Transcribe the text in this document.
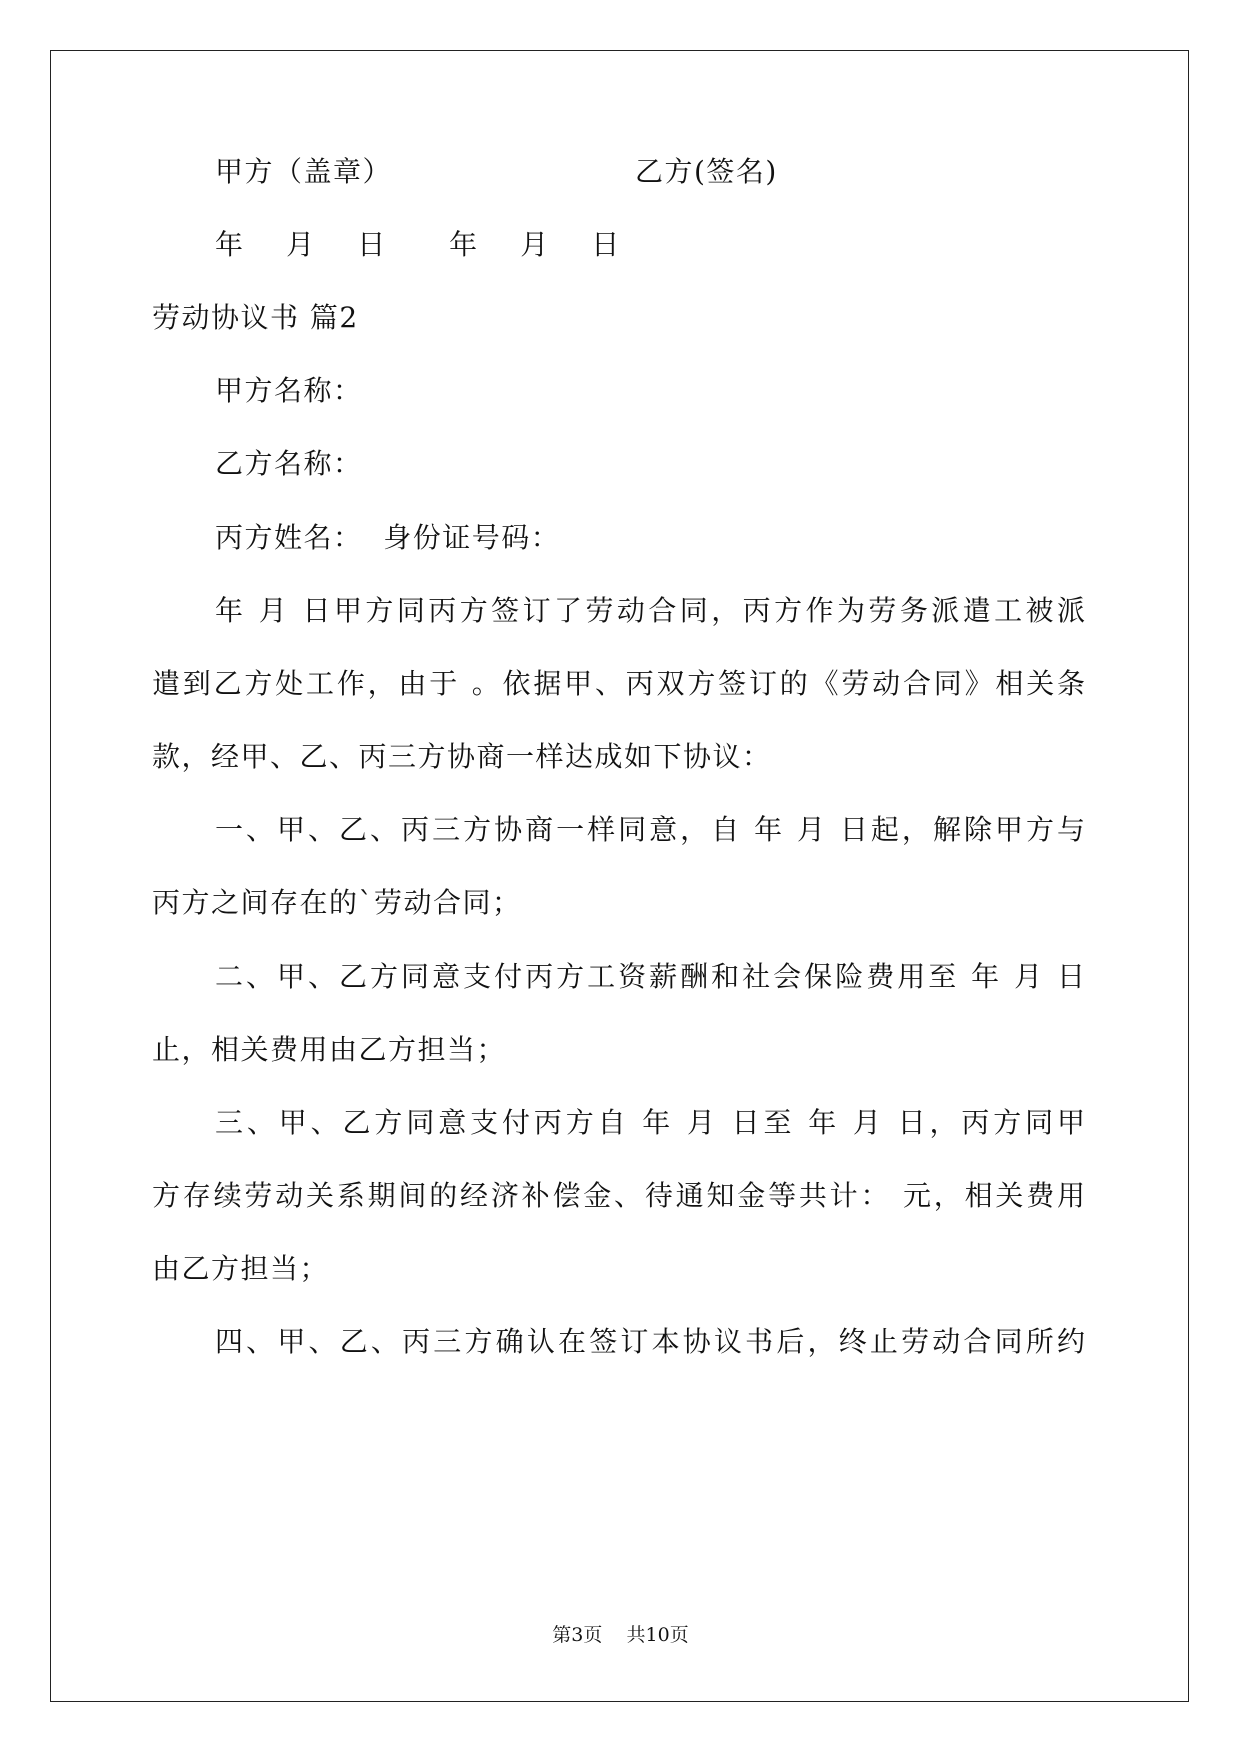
甲方（盖章）	乙方(签名)
年    月    日      年    月    日
劳动协议书 篇2
甲方名称：
乙方名称：
丙方姓名：  身份证号码：
年 月 日甲方同丙方签订了劳动合同，丙方作为劳务派遣工被派
遣到乙方处工作，由于 。依据甲、丙双方签订的《劳动合同》相关条
款，经甲、乙、丙三方协商一样达成如下协议：
一、甲、乙、丙三方协商一样同意，自 年 月 日起，解除甲方与
丙方之间存在的`劳动合同；
二、甲、乙方同意支付丙方工资薪酬和社会保险费用至 年 月 日
止，相关费用由乙方担当；
三、甲、乙方同意支付丙方自 年 月 日至 年 月 日，丙方同甲
方存续劳动关系期间的经济补偿金、待通知金等共计： 元，相关费用
由乙方担当；
四、甲、乙、丙三方确认在签订本协议书后，终止劳动合同所约
第3页    共10页
